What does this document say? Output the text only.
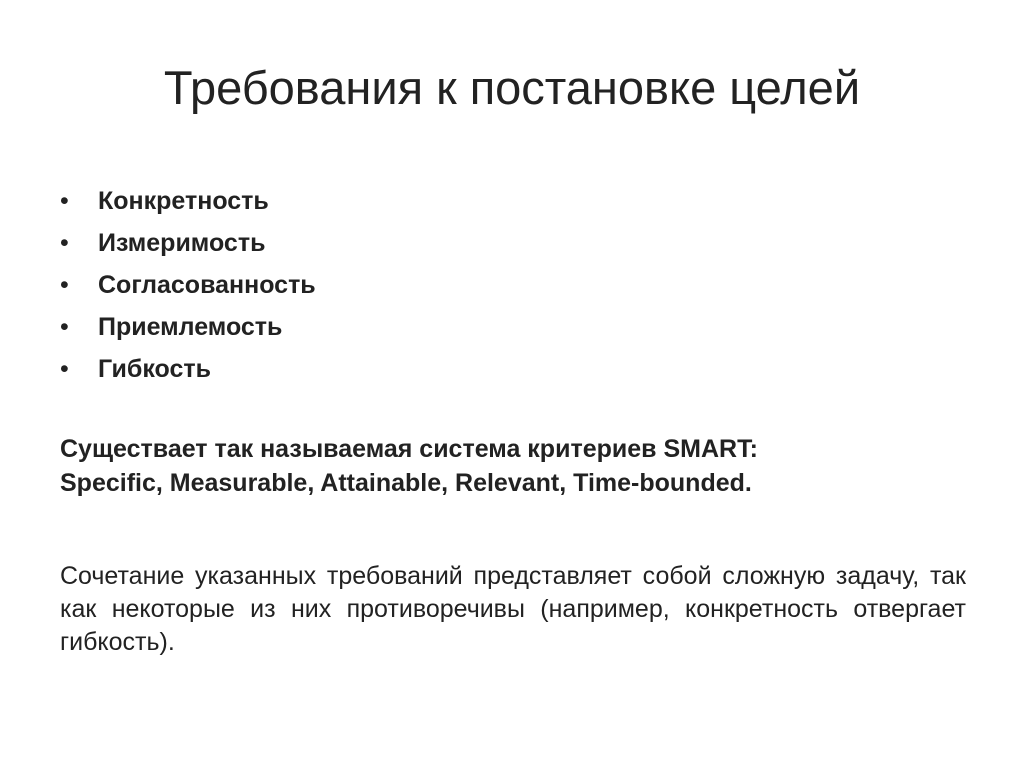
Требования к постановке целей
• Конкретность
• Измеримость
• Согласованность
• Приемлемость
• Гибкость
Существает так называемая система критериев SMART:
Specific, Measurable, Attainable, Relevant, Time-bounded.
Сочетание указанных требований представляет собой сложную задачу, так как некоторые из них противоречивы (например, конкретность отвергает гибкость).
